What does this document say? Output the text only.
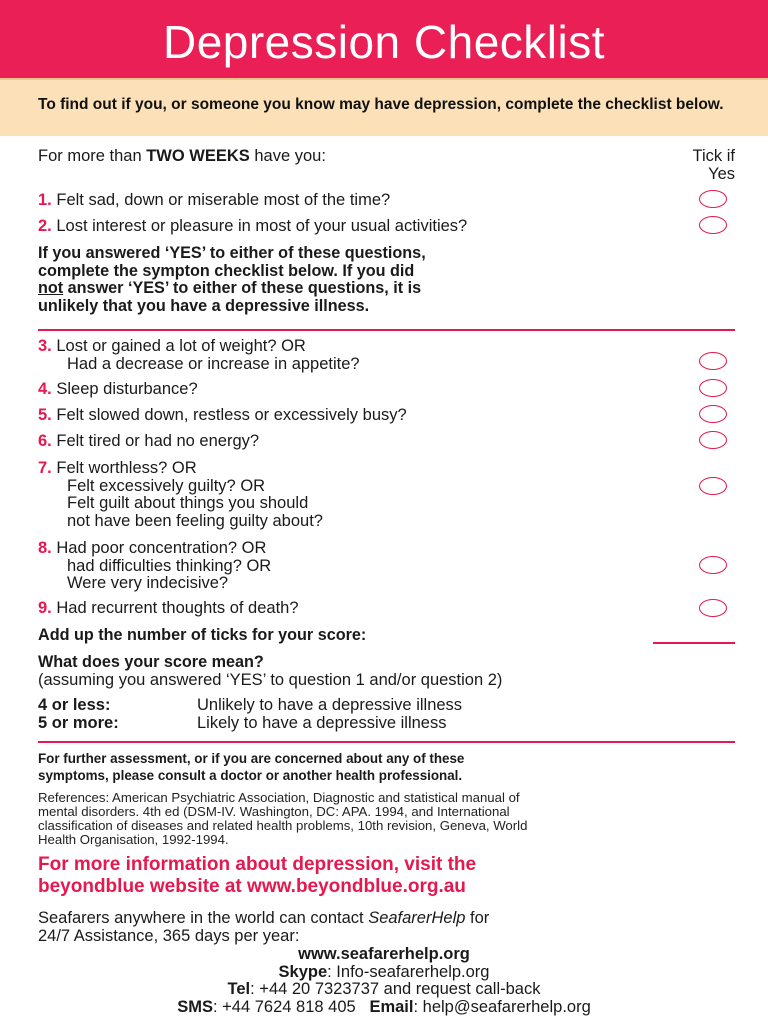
Depression Checklist
To find out if you, or someone you know may have depression, complete the checklist below.
For more than TWO WEEKS have you:	Tick if
Yes
1. Felt sad, down or miserable most of the time?
2. Lost interest or pleasure in most of your usual activities?
If you answered ‘YES’ to either of these questions,
complete the sympton checklist below. If you did
not answer ‘YES’ to either of these questions, it is
unlikely that you have a depressive illness.
3. Lost or gained a lot of weight? OR
Had a decrease or increase in appetite?
4. Sleep disturbance?
5. Felt slowed down, restless or excessively busy?
6. Felt tired or had no energy?
7. Felt worthless? OR
Felt excessively guilty? OR
Felt guilt about things you should
not have been feeling guilty about?
8. Had poor concentration? OR
had difficulties thinking? OR
Were very indecisive?
9. Had recurrent thoughts of death?
Add up the number of ticks for your score:
What does your score mean?
(assuming you answered ‘YES’ to question 1 and/or question 2)
4 or less:	Unlikely to have a depressive illness
5 or more:	Likely to have a depressive illness
For further assessment, or if you are concerned about any of these
symptoms, please consult a doctor or another health professional.
References: American Psychiatric Association, Diagnostic and statistical manual of
mental disorders. 4th ed (DSM-IV. Washington, DC: APA. 1994, and International
classification of diseases and related health problems, 10th revision, Geneva, World
Health Organisation, 1992-1994.
For more information about depression, visit the
beyondblue website at www.beyondblue.org.au
Seafarers anywhere in the world can contact SeafarerHelp for
24/7 Assistance, 365 days per year:
www.seafarerhelp.org
Skype: Info-seafarerhelp.org
Tel: +44 20 7323737 and request call-back
SMS: +44 7624 818 405 Email: help@seafarerhelp.org
